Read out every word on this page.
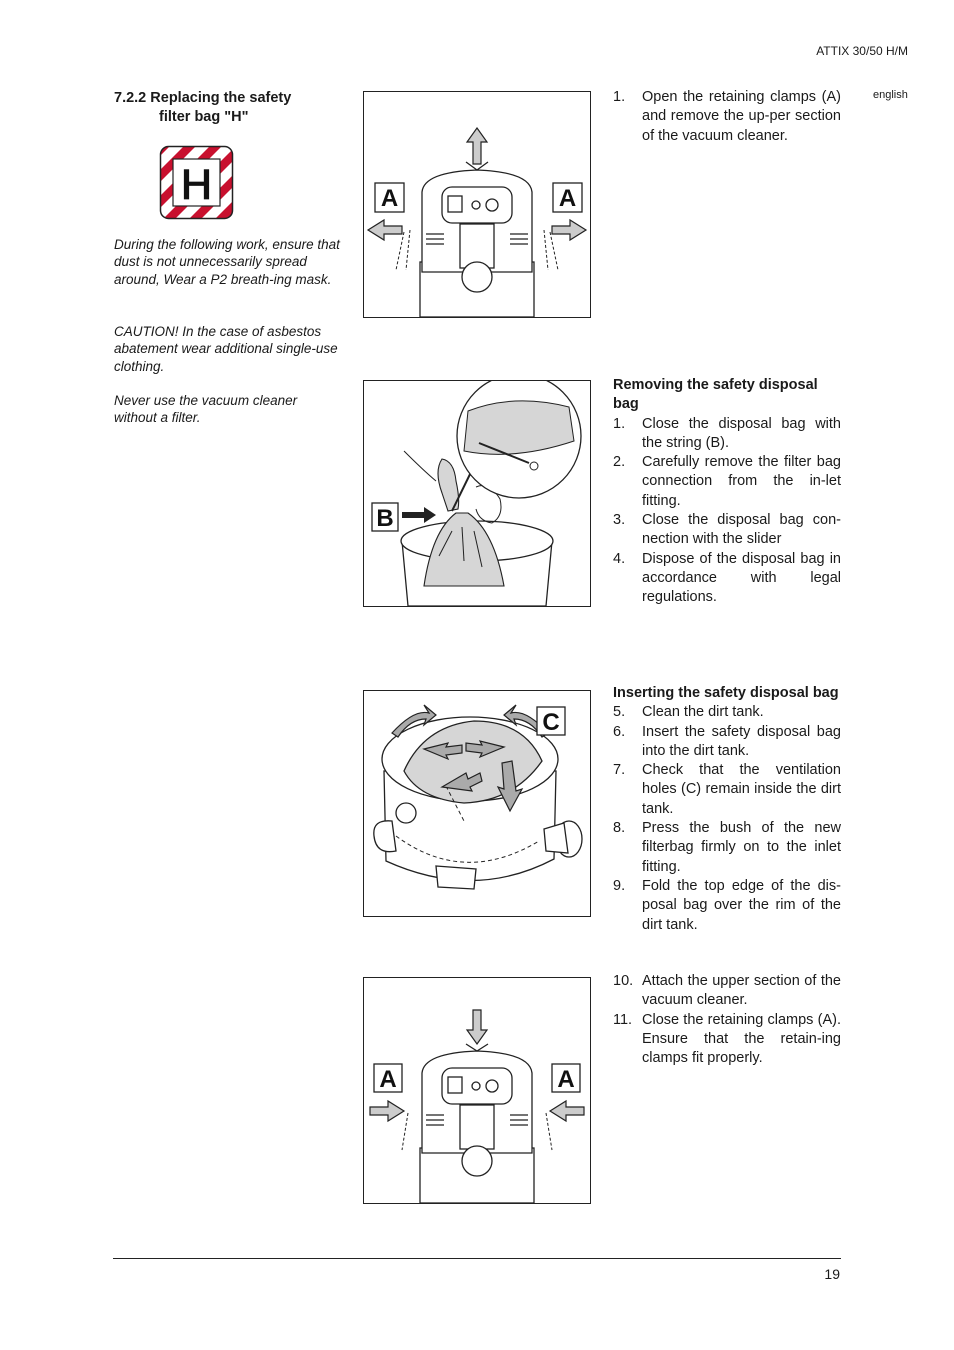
ATTIX 30/50 H/M
english
7.2.2 Replacing the safety
filter bag "H"
H

During the following work, ensure that dust is not unnecessarily spread around, Wear a P2 breath-ing mask.

CAUTION! In the case of asbestos abatement wear additional single-use clothing.

Never use the vacuum cleaner without a filter.

A	A
B
C
A	A
1.	Open the retaining clamps (A) and remove the up-per section of the vacuum cleaner.

Removing the safety disposal bag

1.	Close the disposal bag with the string (B).
2.	Carefully remove the filter bag connection from the in-let fitting.
3.	Close the disposal bag con-nection with the slider
4.	Dispose of the disposal bag in accordance with legal regulations.

Inserting the safety disposal bag

5.	Clean the dirt tank.
6.	Insert the safety disposal bag into the dirt tank.
7.	Check that the ventilation holes (C) remain inside the dirt tank.
8.	Press the bush of the new filterbag firmly on to the inlet fitting.
9.	Fold the top edge of the dis-posal bag over the rim of the dirt tank.
10. Attach the upper section of the vacuum cleaner.
11. Close the retaining clamps (A). Ensure that the retain-ing clamps fit properly.
19
